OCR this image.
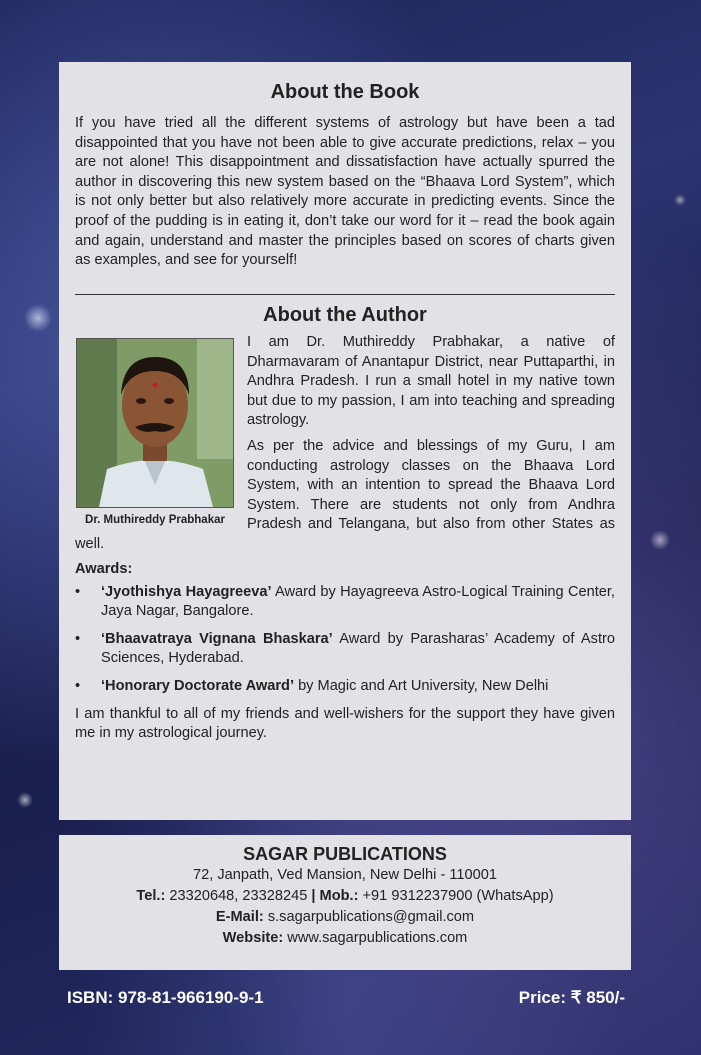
About the Book
If you have tried all the different systems of astrology but have been a tad disappointed that you have not been able to give accurate predictions, relax – you are not alone! This disappointment and dissatisfaction have actually spurred the author in discovering this new system based on the “Bhaava Lord System”, which is not only better but also relatively more accurate in predicting events. Since the proof of the pudding is in eating it, don’t take our word for it – read the book again and again, understand and master the principles based on scores of charts given as examples, and see for yourself!
About the Author
Dr. Muthireddy Prabhakar
I am Dr. Muthireddy Prabhakar, a native of Dharmavaram of Anantapur District, near Puttaparthi, in Andhra Pradesh. I run a small hotel in my native town but due to my passion, I am into teaching and spreading astrology.
As per the advice and blessings of my Guru, I am conducting astrology classes on the Bhaava Lord System, with an intention to spread the Bhaava Lord System. There are students not only from Andhra Pradesh and Telangana, but also from other States as well.
Awards:
• ‘Jyothishya Hayagreeva’ Award by Hayagreeva Astro-Logical Training Center, Jaya Nagar, Bangalore.
• ‘Bhaavatraya Vignana Bhaskara’ Award by Parasharas’ Academy of Astro Sciences, Hyderabad.
• ‘Honorary Doctorate Award’ by Magic and Art University, New Delhi
I am thankful to all of my friends and well-wishers for the support they have given me in my astrological journey.
SAGAR PUBLICATIONS
72, Janpath, Ved Mansion, New Delhi - 110001
Tel.: 23320648, 23328245 | Mob.: +91 9312237900 (WhatsApp)
E-Mail: s.sagarpublications@gmail.com
Website: www.sagarpublications.com
ISBN: 978-81-966190-9-1	Price: ₹ 850/-
